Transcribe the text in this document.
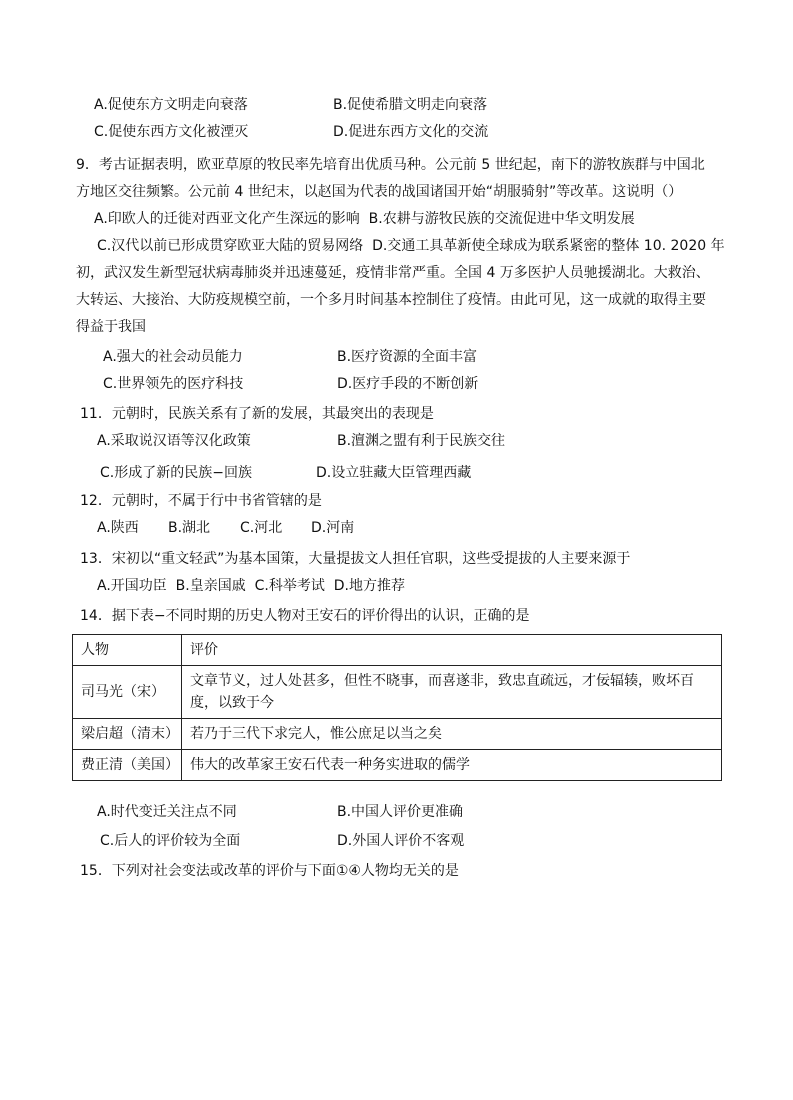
A.促使东方文明走向衰落	B.促使希腊文明走向衰落
C.促使东西方文化被湮灭	D.促进东西方文化的交流
9．考古证据表明，欧亚草原的牧民率先培育出优质马种。公元前 5 世纪起，南下的游牧族群与中国北
方地区交往频繁。公元前 4 世纪末，以赵国为代表的战国诸国开始“胡服骑射”等改革。这说明（）
A.印欧人的迁徙对西亚文化产生深远的影响  B.农耕与游牧民族的交流促进中华文明发展
C.汉代以前已形成贯穿欧亚大陆的贸易网络  D.交通工具革新使全球成为联系紧密的整体 10. 2020 年
初，武汉发生新型冠状病毒肺炎并迅速蔓延，疫情非常严重。全国 4 万多医护人员驰援湖北。大救治、
大转运、大接治、大防疫规模空前，一个多月时间基本控制住了疫情。由此可见，这一成就的取得主要
得益于我国
A.强大的社会动员能力	B.医疗资源的全面丰富
C.世界领先的医疗科技	D.医疗手段的不断创新
11．元朝时，民族关系有了新的发展，其最突出的表现是
A.采取说汉语等汉化政策	B.澶渊之盟有利于民族交往
C.形成了新的民族−回族	D.设立驻藏大臣管理西藏
12．元朝时，不属于行中书省管辖的是
A.陕西 B.湖北 C.河北 D.河南
13．宋初以“重文轻武”为基本国策，大量提拔文人担任官职，这些受提拔的人主要来源于
A.开国功臣  B.皇亲国戚  C.科举考试  D.地方推荐
14．据下表−不同时期的历史人物对王安石的评价得出的认识，正确的是
人物	评价
司马光（宋）	文章节义，过人处甚多，但性不晓事，而喜遂非，致忠直疏远，才佞辐辏，败坏百度，以致于今
梁启超（清末）	若乃于三代下求完人，惟公庶足以当之矣
费正清（美国）	伟大的改革家王安石代表一种务实进取的儒学
A.时代变迁关注点不同	B.中国人评价更准确
C.后人的评价较为全面	D.外国人评价不客观
15．下列对社会变法或改革的评价与下面①④人物均无关的是
